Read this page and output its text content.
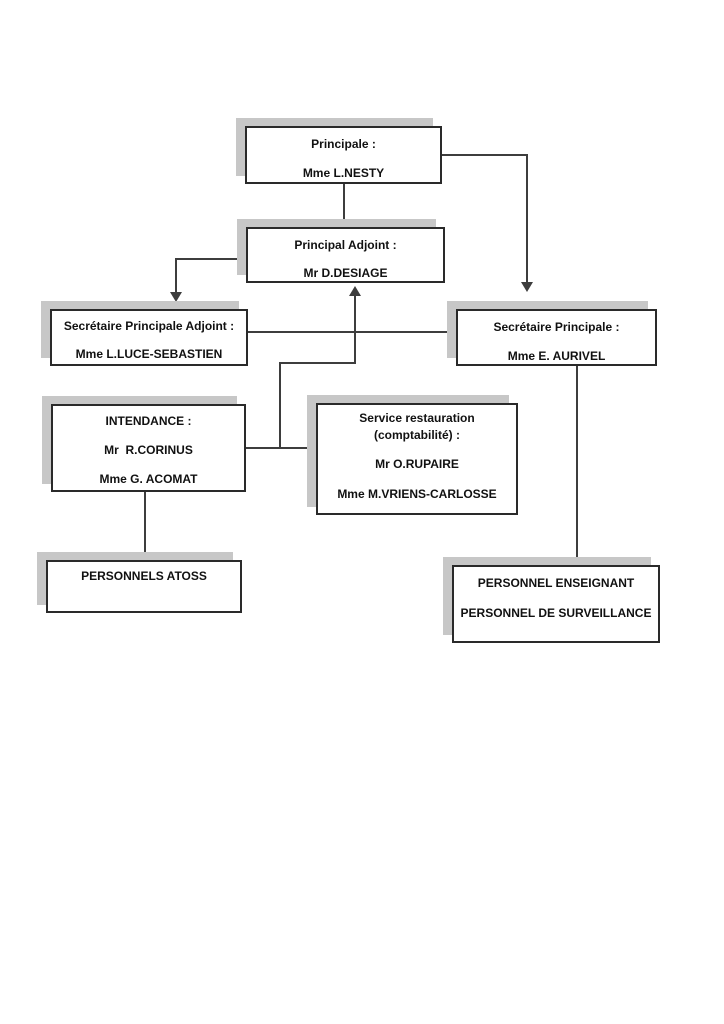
Principale :
Mme L.NESTY
Principal Adjoint :
Mr D.DESIAGE
Secrétaire Principale Adjoint :
Mme L.LUCE-SEBASTIEN
Secrétaire Principale :
Mme E. AURIVEL
INTENDANCE :
Mr  R.CORINUS
Mme G. ACOMAT
Service restauration
(comptabilité) :
Mr O.RUPAIRE
Mme M.VRIENS-CARLOSSE
PERSONNELS ATOSS	PERSONNEL ENSEIGNANT
PERSONNEL DE SURVEILLANCE
